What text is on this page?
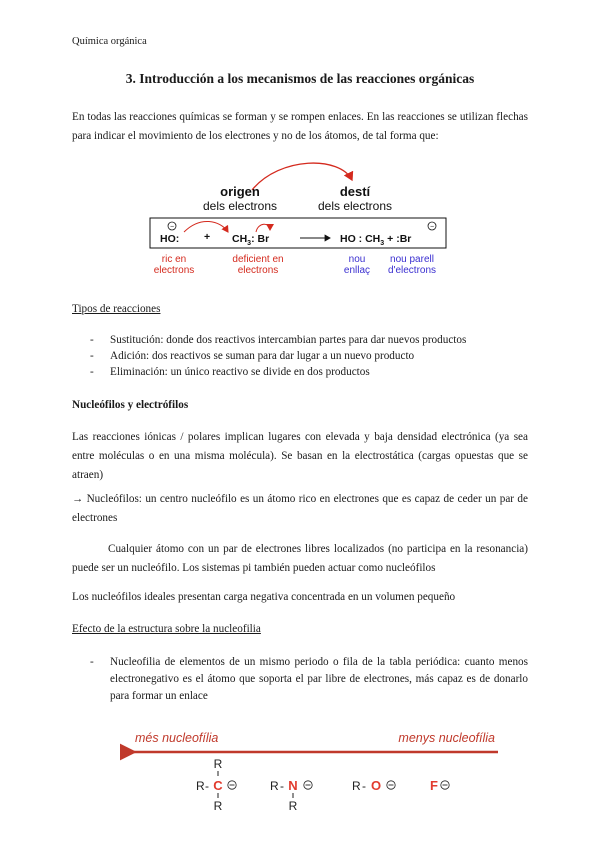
Química orgánica
3. Introducción a los mecanismos de las reacciones orgánicas
En todas las reacciones químicas se forman y se rompen enlaces. En las reacciones se utilizan flechas para indicar el movimiento de los electrones y no de los átomos, de tal forma que:
origen
dels electrons
destí
dels electrons
−
HO: + $CH_3$: Br	HO : $CH_3$ + :Br
−
ric en
electrons
deficient en
electrons
nou
enllaç
nou parell
d'electrons
Tipos de reacciones
- Sustitución: donde dos reactivos intercambian partes para dar nuevos productos
- Adición: dos reactivos se suman para dar lugar a un nuevo producto
- Eliminación: un único reactivo se divide en dos productos
Nucleófilos y electrófilos
Las reacciones iónicas / polares implican lugares con elevada y baja densidad electrónica (ya sea entre moléculas o en una misma molécula). Se basan en la electrostática (cargas opuestas que se atraen)
→ Nucleófilos: un centro nucleófilo es un átomo rico en electrones que es capaz de ceder un par de electrones
Cualquier átomo con un par de electrones libres localizados (no participa en la resonancia) puede ser un nucleófilo. Los sistemas pi también pueden actuar como nucleófilos
Los nucleófilos ideales presentan carga negativa concentrada en un volumen pequeño
Efecto de la estructura sobre la nucleofilia
- Nucleofilia de elementos de un mismo periodo o fila de la tabla periódica: cuanto menos electronegativo es el átomo que soporta el par libre de electrones, más capaz es de donarlo para formar un enlace
més nucleofília	menys nucleofília
R
R - C
R
R - N
R
R - O	F
